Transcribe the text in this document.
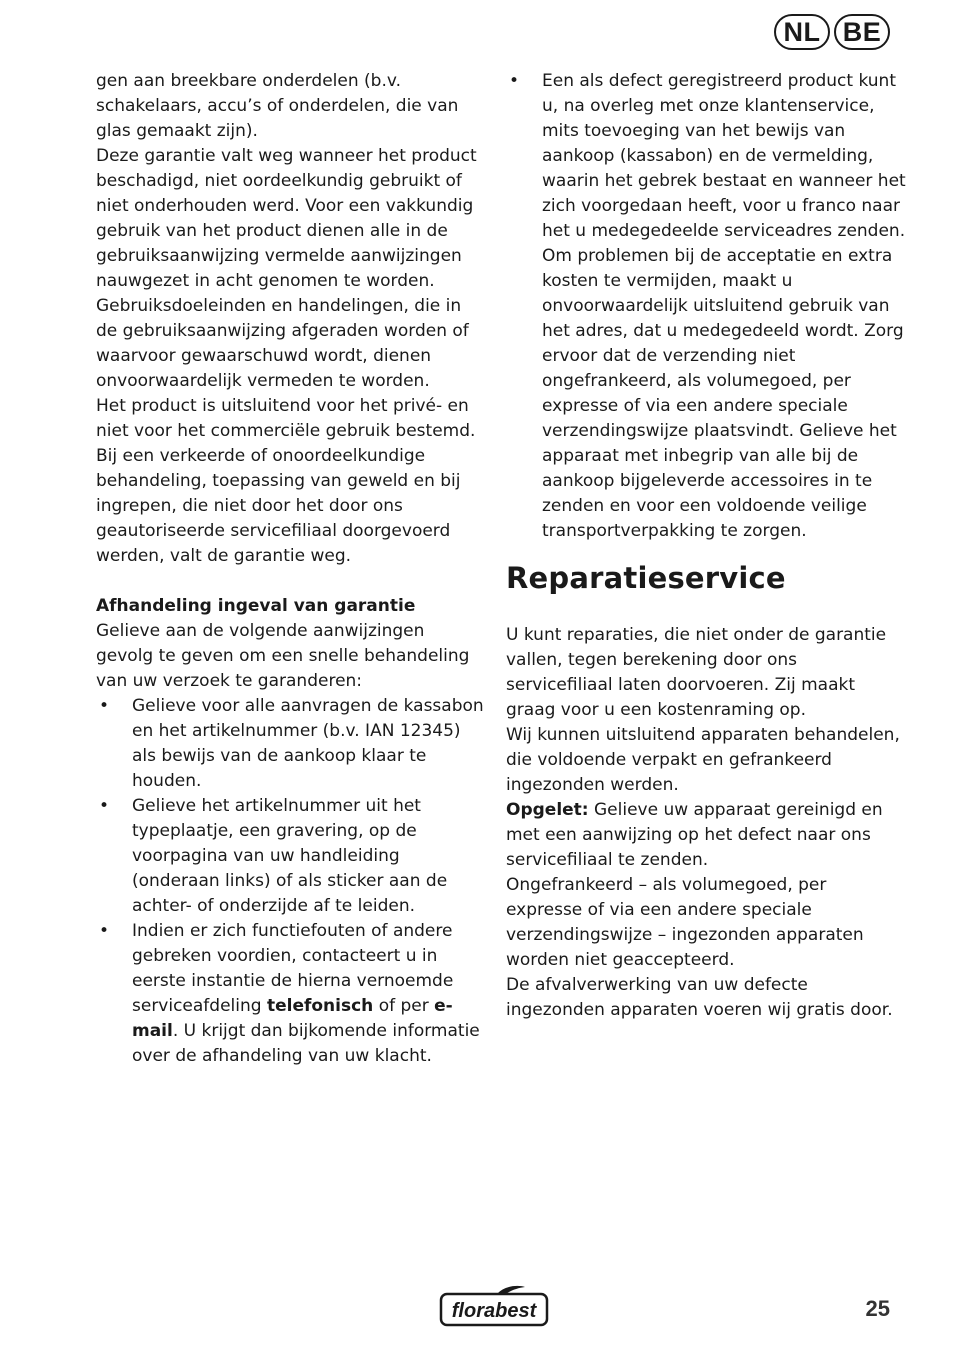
NL BE

gen aan breekbare onderdelen (b.v. schakelaars, accu’s of onderdelen, die van glas gemaakt zijn).

Deze garantie valt weg wanneer het product beschadigd, niet oordeelkundig gebruikt of niet onderhouden werd. Voor een vakkundig gebruik van het product dienen alle in de gebruiksaanwijzing vermelde aanwijzingen nauwgezet in acht genomen te worden. Gebruiksdoeleinden en handelingen, die in de gebruiksaanwijzing afgeraden worden of waarvoor gewaarschuwd wordt, dienen onvoorwaardelijk vermeden te worden.

Het product is uitsluitend voor het privé- en niet voor het commerciële gebruik bestemd. Bij een verkeerde of onoordeelkundige behandeling, toepassing van geweld en bij ingrepen, die niet door het door ons geautoriseerde servicefiliaal doorgevoerd werden, valt de garantie weg.

Afhandeling ingeval van garantie

Gelieve aan de volgende aanwijzingen gevolg te geven om een snelle behandeling van uw verzoek te garanderen:

• Gelieve voor alle aanvragen de kassabon en het artikelnummer (b.v. IAN 12345) als bewijs van de aankoop klaar te houden.
• Gelieve het artikelnummer uit het typeplaatje, een gravering, op de voorpagina van uw handleiding (onderaan links) of als sticker aan de achter- of onderzijde af te leiden.
• Indien er zich functiefouten of andere gebreken voordien, contacteert u in eerste instantie de hierna vernoemde serviceafdeling telefonisch of per e-mail. U krijgt dan bijkomende informatie over de afhandeling van uw klacht.
• Een als defect geregistreerd product kunt u, na overleg met onze klantenservice, mits toevoeging van het bewijs van aankoop (kassabon) en de vermelding, waarin het gebrek bestaat en wanneer het zich voorgedaan heeft, voor u franco naar het u medegedeelde serviceadres zenden. Om problemen bij de acceptatie en extra kosten te vermijden, maakt u onvoorwaardelijk uitsluitend gebruik van het adres, dat u medegedeeld wordt. Zorg ervoor dat de verzending niet ongefrankeerd, als volumegoed, per expresse of via een andere speciale verzendingswijze plaatsvindt. Gelieve het apparaat met inbegrip van alle bij de aankoop bijgeleverde accessoires in te zenden en voor een voldoende veilige transportverpakking te zorgen.
Reparatieservice

U kunt reparaties, die niet onder de garantie vallen, tegen berekening door ons servicefiliaal laten doorvoeren. Zij maakt graag voor u een kostenraming op.

Wij kunnen uitsluitend apparaten behandelen, die voldoende verpakt en gefrankeerd ingezonden werden.

Opgelet: Gelieve uw apparaat gereinigd en met een aanwijzing op het defect naar ons servicefiliaal te zenden.

Ongefrankeerd – als volumegoed, per expresse of via een andere speciale verzendingswijze – ingezonden apparaten worden niet geaccepteerd.

De afvalverwerking van uw defecte ingezonden apparaten voeren wij gratis door.

florabest	25
